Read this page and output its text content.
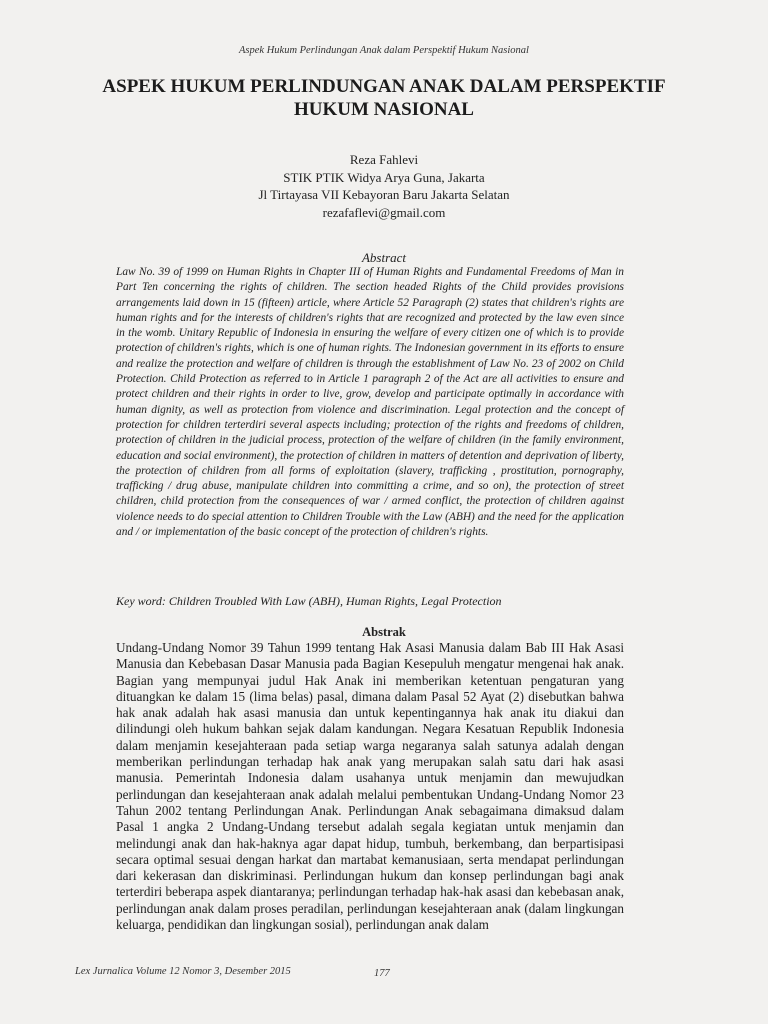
Aspek Hukum Perlindungan Anak dalam Perspektif Hukum Nasional
ASPEK HUKUM PERLINDUNGAN ANAK DALAM PERSPEKTIF HUKUM NASIONAL
Reza Fahlevi
STIK PTIK Widya Arya Guna, Jakarta
Jl Tirtayasa VII Kebayoran Baru Jakarta Selatan
rezafaflevi@gmail.com
Abstract

Law No. 39 of 1999 on Human Rights in Chapter III of Human Rights and Fundamental Freedoms of Man in Part Ten concerning the rights of children. The section headed Rights of the Child provides provisions arrangements laid down in 15 (fifteen) article, where Article 52 Paragraph (2) states that children's rights are human rights and for the interests of children's rights that are recognized and protected by the law even since in the womb. Unitary Republic of Indonesia in ensuring the welfare of every citizen one of which is to provide protection of children's rights, which is one of human rights. The Indonesian government in its efforts to ensure and realize the protection and welfare of children is through the establishment of Law No. 23 of 2002 on Child Protection. Child Protection as referred to in Article 1 paragraph 2 of the Act are all activities to ensure and protect children and their rights in order to live, grow, develop and participate optimally in accordance with human dignity, as well as protection from violence and discrimination. Legal protection and the concept of protection for children terterdiri several aspects including; protection of the rights and freedoms of children, protection of children in the judicial process, protection of the welfare of children (in the family environment, education and social environment), the protection of children in matters of detention and deprivation of liberty, the protection of children from all forms of exploitation (slavery, trafficking , prostitution, pornography, trafficking / drug abuse, manipulate children into committing a crime, and so on), the protection of street children, child protection from the consequences of war / armed conflict, the protection of children against violence needs to do special attention to Children Trouble with the Law (ABH) and the need for the application and / or implementation of the basic concept of the protection of children's rights.

Key word: Children Troubled With Law (ABH), Human Rights, Legal Protection

Abstrak

Undang-Undang Nomor 39 Tahun 1999 tentang Hak Asasi Manusia dalam Bab III Hak Asasi Manusia dan Kebebasan Dasar Manusia pada Bagian Kesepuluh mengatur mengenai hak anak. Bagian yang mempunyai judul Hak Anak ini memberikan ketentuan pengaturan yang dituangkan ke dalam 15 (lima belas) pasal, dimana dalam Pasal 52 Ayat (2) disebutkan bahwa hak anak adalah hak asasi manusia dan untuk kepentingannya hak anak itu diakui dan dilindungi oleh hukum bahkan sejak dalam kandungan. Negara Kesatuan Republik Indonesia dalam menjamin kesejahteraan pada setiap warga negaranya salah satunya adalah dengan memberikan perlindungan terhadap hak anak yang merupakan salah satu dari hak asasi manusia. Pemerintah Indonesia dalam usahanya untuk menjamin dan mewujudkan perlindungan dan kesejahteraan anak adalah melalui pembentukan Undang-Undang Nomor 23 Tahun 2002 tentang Perlindungan Anak. Perlindungan Anak sebagaimana dimaksud dalam Pasal 1 angka 2 Undang-Undang tersebut adalah segala kegiatan untuk menjamin dan melindungi anak dan hak-haknya agar dapat hidup, tumbuh, berkembang, dan berpartisipasi secara optimal sesuai dengan harkat dan martabat kemanusiaan, serta mendapat perlindungan dari kekerasan dan diskriminasi. Perlindungan hukum dan konsep perlindungan bagi anak terterdiri beberapa aspek diantaranya; perlindungan terhadap hak-hak asasi dan kebebasan anak, perlindungan anak dalam proses peradilan, perlindungan kesejahteraan anak (dalam lingkungan keluarga, pendidikan dan lingkungan sosial), perlindungan anak dalam

Lex Jurnalica Volume 12 Nomor 3, Desember 2015	177
